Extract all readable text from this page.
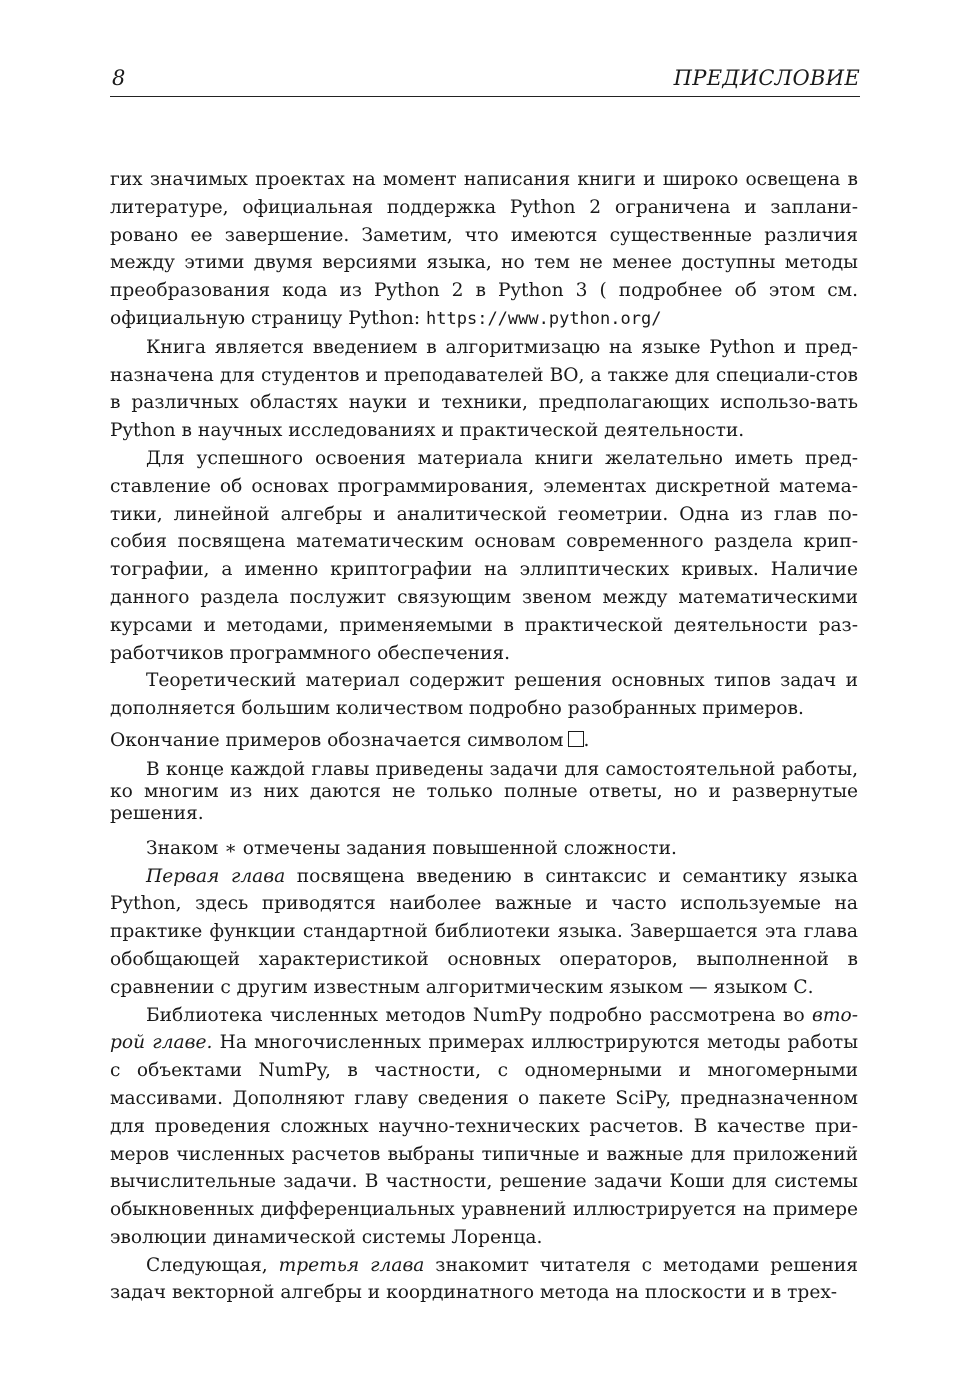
8	ПРЕДИСЛОВИЕ

гих значимых проектах на момент написания книги и широко освещена в литературе, официальная поддержка Python 2 ограничена и запланировано ее завершение. Заметим, что имеются существенные различия между этими двумя версиями языка, но тем не менее доступны методы преобразования кода из Python 2 в Python 3 ( подробнее об этом см. официальную страницу Python: https://www.python.org/

Книга является введением в алгоритмизацю на языке Python и предназначена для студентов и преподавателей ВО, а также для специали-стов в различных областях науки и техники, предполагающих использо-вать Python в научных исследованиях и практической деятельности.

Для успешного освоения материала книги желательно иметь представление об основах программирования, элементах дискретной математики, линейной алгебры и аналитической геометрии. Одна из глав пособия посвящена математическим основам современного раздела криптографии, а именно криптографии на эллиптических кривых. Наличие данного раздела послужит связующим звеном между математическими курсами и методами, применяемыми в практической деятельности разработчиков программного обеспечения.

Теоретический материал содержит решения основных типов задач и дополняется большим количеством подробно разобранных примеров.

Окончание примеров обозначается символом .

В конце каждой главы приведены задачи для самостоятельной работы, ко многим из них даются не только полные ответы, но и развернутые решения.

Знаком ∗ отмечены задания повышенной сложности.

Первая глава посвящена введению в синтаксис и семантику языка Python, здесь приводятся наиболее важные и часто используемые на практике функции стандартной библиотеки языка. Завершается эта глава обобщающей характеристикой основных операторов, выполненной в сравнении с другим известным алгоритмическим языком — языком С.

Библиотека численных методов NumPy подробно рассмотрена во второй главе. На многочисленных примерах иллюстрируются методы работы с объектами NumPy, в частности, с одномерными и многомерными массивами. Дополняют главу сведения о пакете SciPy, предназначенном для проведения сложных научно-технических расчетов. В качестве примеров численных расчетов выбраны типичные и важные для приложений вычислительные задачи. В частности, решение задачи Коши для системы обыкновенных дифференциальных уравнений иллюстрируется на примере эволюции динамической системы Лоренца.

Следующая, третья глава знакомит читателя с методами решения задач векторной алгебры и координатного метода на плоскости и в трех-
